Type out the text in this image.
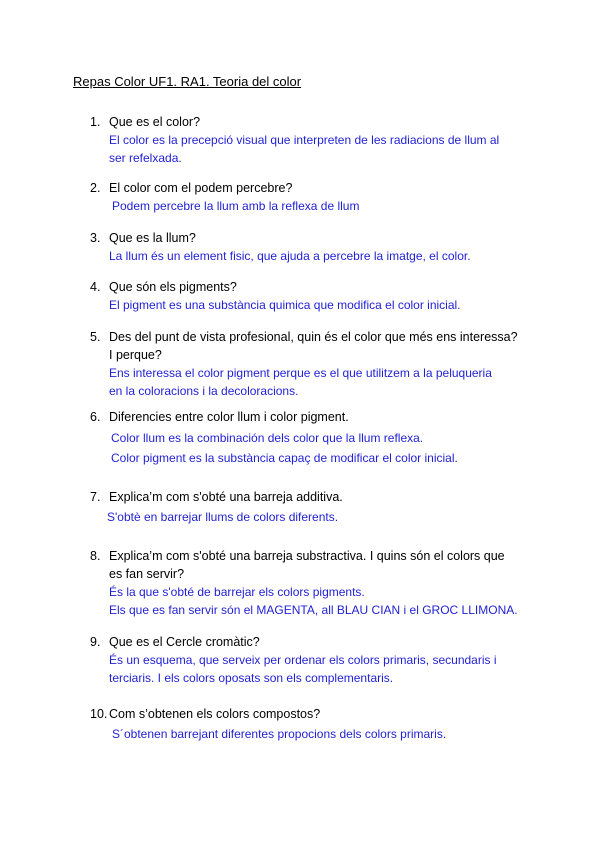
Repas Color UF1. RA1. Teoria del color
1. Que es el color?
El color es la precepció visual que interpreten de les radiacions de llum al
ser refelxada.
2. El color com el podem percebre?
Podem percebre la llum amb la reflexa de llum
3. Que es la llum?
La llum és un element fisic, que ajuda a percebre la imatge, el color.
4. Que són els pigments?
El pigment es una substància quimica que modifica el color inicial.
5. Des del punt de vista profesional, quin és el color que més ens interessa?
I perque?
Ens interessa el color pigment perque es el que utilitzem a la peluqueria
en la coloracions i la decoloracions.
6. Diferencies entre color llum i color pigment.
Color llum es la combinación dels color que la llum reflexa.
Color pigment es la substància capaç de modificar el color inicial.
7. Explica’m com s'obté una barreja additiva.
S'obtè en barrejar llums de colors diferents.
8. Explica’m com s'obté una barreja substractiva. I quins són el colors que
es fan servir?
És la que s'obté de barrejar els colors pigments.
Els que es fan servir són el MAGENTA, all BLAU CIAN i el GROC LLIMONA.
9. Que es el Cercle cromàtic?
És un esquema, que serveix per ordenar els colors primaris, secundaris i
terciaris. I els colors oposats son els complementaris.
10. Com s’obtenen els colors compostos?
S´obtenen barrejant diferentes propocions dels colors primaris.
